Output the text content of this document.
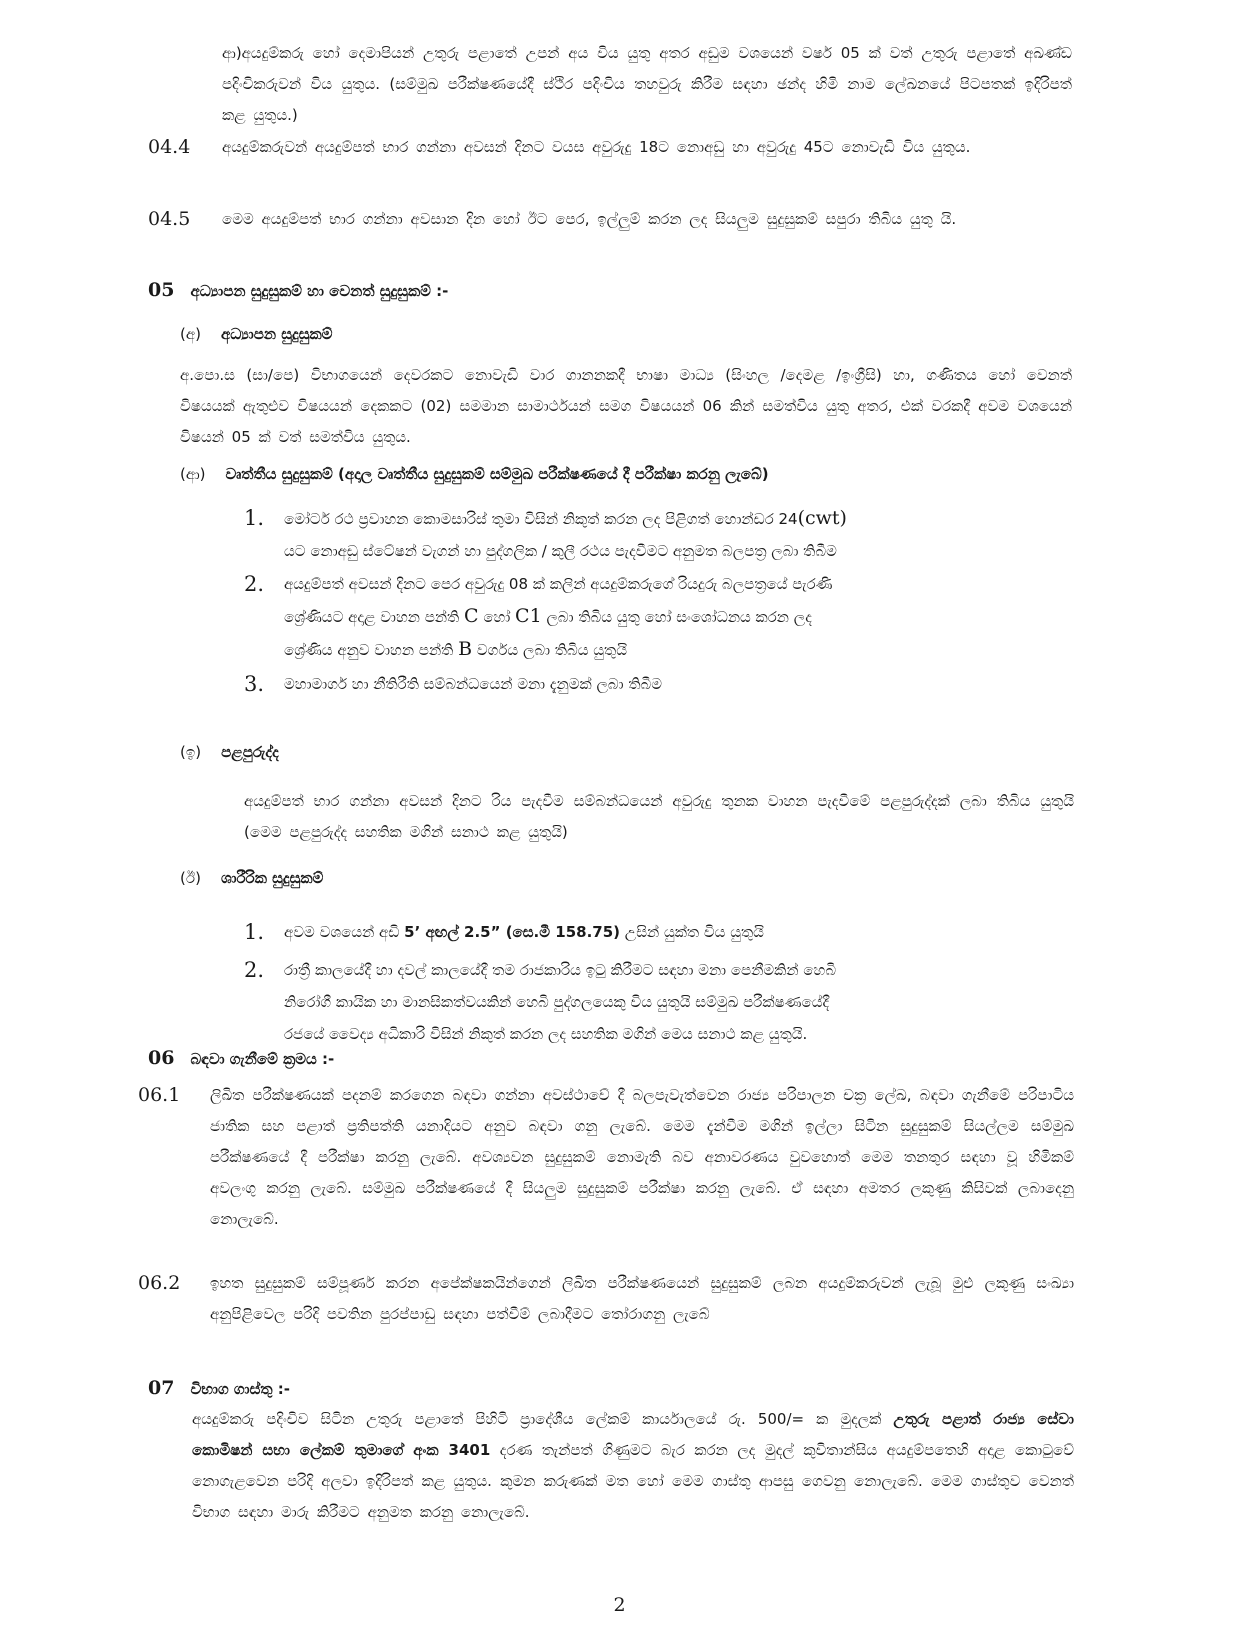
ආ)අයදුම්කරු හෝ දෙමාපියන් උතුරු පළාතේ උපන් අය විය යුතු අතර අඩුම වශයෙන් වර්ෂ 05 ක් වත් උතුරු පළාතේ අඛණ්ඩ පදිංචිකරුවන් විය යුතුය. (සම්මුඛ පරීක්ෂණයේදී ස්ථිර පදිංචිය තහවුරු කිරීම සඳහා ඡන්ද හිමි නාම ලේඛනයේ පිටපතක් ඉදිරිපත් කළ යුතුය.)

04.4 අයදුම්කරුවන් අයදුම්පත් භාර ගන්නා අවසන් දිනට වයස අවුරුදු 18ට නොඅඩු හා අවුරුදු 45ට නොවැඩි විය යුතුය.

04.5 මෙම අයදුම්පත් භාර ගන්නා අවසාන දින හෝ ඊට පෙර, ඉල්ලුම් කරන ලද සියලුම සුදුසුකම් සපුරා තිබිය යුතු යි.

05 අධ්‍යාපන සුදුසුකම් හා වෙනත් සුදුසුකම් :-
(අ) අධ්‍යාපන සුදුසුකම්

අ.පො.ස (සා/පෙ) විභාගයෙන් දෙවරකට නොවැඩි වාර ගානනකදී භාෂා මාධ්‍ය (සිංහල /දෙමළ /ඉංග්‍රීසි) හා, ගණිතය හෝ වෙනත් විෂයයක් ඇතුළුව විෂයයන් දෙකකට (02) සමමාන සාමාර්ථයන් සමග විෂයයන් 06 කින් සමත්විය යුතු අතර, එක් වරකදී අවම වශයෙන් විෂයන් 05 ක් වත් සමත්විය යුතුය.

(ආ) වෘත්තීය සුදුසුකම් (අදාල වෘත්තීය සුදුසුකම් සම්මුඛ පරීක්ෂණයේ දී පරීක්ෂා කරනු ලැබේ)
1. මෝටර් රථ ප්‍රවාහන කොමසාරිස් තුමා විසින් නිකුත් කරන ලද පිළිගත් හොන්ඩර 24(cwt)
යට නොඅඩු ස්ටේෂන් වැගන් හා පුද්ගලික / කුලී රථය පැදවීමට අනුමත බලපත්‍ර ලබා තිබීම
2. අයදුම්පත් අවසන් දිනට පෙර අවුරුදු 08 ක් කලින් අයදුම්කරුගේ රියදුරු බලපත්‍රයේ පැරණි
ශ්‍රේණියට අදාළ වාහන පන්ති C හෝ C1 ලබා තිබිය යුතු හෝ සංශෝධනය කරන ලද
ශ්‍රේණිය අනුව වාහන පන්ති B වර්ගය ලබා තිබිය යුතුයි
3. මහාමාර්ග හා නීතිරීති සම්බන්ධයෙන් මනා දැනුමක් ලබා තිබීම
(ඉ) පළපුරුද්ද

අයදුම්පත් භාර ගන්නා අවසන් දිනට රිය පැදවීම සම්බන්ධයෙන් අවුරුදු තුනක වාහන පැදවීමේ පළපුරුද්දක් ලබා තිබිය යුතුයි (මෙම පළපුරුද්ද සහතික මගින් සනාථ කළ යුතුයි)

(ඊ) ශාරීරික සුදුසුකම්
1. අවම වශයෙන් අඩි 5’ අඟල් 2.5” (සෙ.මී 158.75) උසින් යුක්ත විය යුතුයි
2. රාත්‍රී කාලයේදී හා දවල් කාලයේදී තම රාජකාරිය ඉටු කිරීමට සඳහා මනා පෙනීමකින් හෙබි
නිරෝගී කායික හා මානසිකත්වයකින් හෙබි පුද්ගලයෙකු විය යුතුයි සම්මුඛ පරීක්ෂණයේදී
රජයේ වෛද්‍ය අධිකාරි විසින් නිකුත් කරන ලද සහතික මගින් මෙය සනාථ කළ යුතුයි.
06 බඳවා ගැනීමේ ක්‍රමය :-
06.1 ලිඛිත පරීක්ෂණයක් පදනම් කරගෙන බඳවා ගන්නා අවස්ථාවේ දී බලපැවැත්වෙන රාජ්‍ය පරිපාලන චක්‍ර ලේඛ, බඳවා ගැනීමේ පරිපාටිය ජාතික සහ පළාත් ප්‍රතිපත්ති යනාදියට අනුව බඳවා ගනු ලැබේ. මෙම දැන්වීම මගින් ඉල්ලා සිටින සුදුසුකම් සියල්ලම සම්මුඛ පරීක්ෂණයේ දී පරීක්ෂා කරනු ලැබේ. අවශ්‍යවන සුදුසුකම් නොමැති බව අනාවරණය වුවහොත් මෙම තනතුර සඳහා වූ හිමිකම් අවලංගු කරනු ලැබේ. සම්මුඛ පරීක්ෂණයේ දී සියලුම සුදුසුකම් පරීක්ෂා කරනු ලැබේ. ඒ සඳහා අමතර ලකුණු කිසිවක් ලබාදෙනු නොලැබේ.

06.2 ඉහත සුදුසුකම් සම්පූර්ණ කරන අපේක්ෂකයින්ගෙන් ලිඛිත පරීක්ෂණයෙන් සුදුසුකම් ලබන අයදුම්කරුවන් ලැබූ මුළු ලකුණු සංඛ්‍යා අනුපිළිවෙල පරිදි පවතින පුරප්පාඩු සඳහා පත්වීම් ලබාදීමට තෝරාගනු ලැබේ

07 විභාග ගාස්තු :-

අයදුම්කරු පදිංචිව සිටින උතුරු පළාතේ පිහිටි ප්‍රාදේශීය ලේකම් කාර්යාලයේ රු. 500/= ක මුදලක් උතුරු පළාත් රාජ්‍ය සේවා කොමිෂන් සභා ලේකම් තුමාගේ අංක 3401 දරණ තැන්පත් ගිණුමට බැර කරන ලද මුදල් කුවිතාන්සිය අයදුම්පතෙහි අදාළ කොටුවේ නොගැළවෙන පරිදි අලවා ඉදිරිපත් කළ යුතුය. කුමන කරුණක් මත හෝ මෙම ගාස්තු ආපසු ගෙවනු නොලැබේ. මෙම ගාස්තුව වෙනත් විභාග සඳහා මාරු කිරීමට අනුමත කරනු නොලැබේ.

2
